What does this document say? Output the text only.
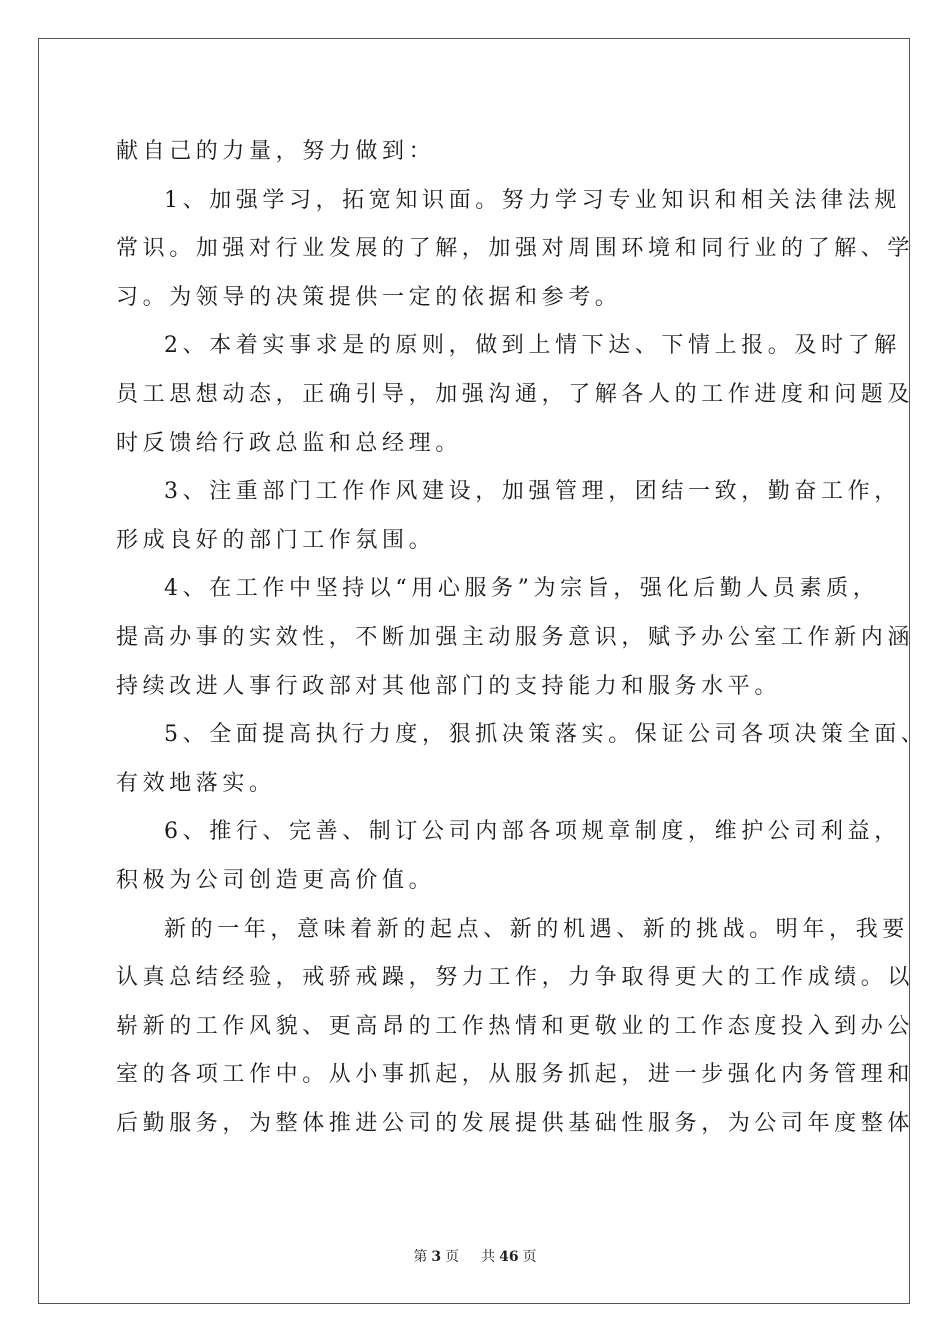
献自己的力量，努力做到：
1、加强学习，拓宽知识面。努力学习专业知识和相关法律法规
常识。加强对行业发展的了解，加强对周围环境和同行业的了解、学
习。为领导的决策提供一定的依据和参考。
2、本着实事求是的原则，做到上情下达、下情上报。及时了解
员工思想动态，正确引导，加强沟通，了解各人的工作进度和问题及
时反馈给行政总监和总经理。
3、注重部门工作作风建设，加强管理，团结一致，勤奋工作，
形成良好的部门工作氛围。
4、在工作中坚持以“用心服务”为宗旨，强化后勤人员素质，
提高办事的实效性，不断加强主动服务意识，赋予办公室工作新内涵
持续改进人事行政部对其他部门的支持能力和服务水平。
5、全面提高执行力度，狠抓决策落实。保证公司各项决策全面、
有效地落实。
6、推行、完善、制订公司内部各项规章制度，维护公司利益，
积极为公司创造更高价值。
新的一年，意味着新的起点、新的机遇、新的挑战。明年，我要
认真总结经验，戒骄戒躁，努力工作，力争取得更大的工作成绩。以
崭新的工作风貌、更高昂的工作热情和更敬业的工作态度投入到办公
室的各项工作中。从小事抓起，从服务抓起，进一步强化内务管理和
后勤服务，为整体推进公司的发展提供基础性服务，为公司年度整体
第 3 页 共 46 页
